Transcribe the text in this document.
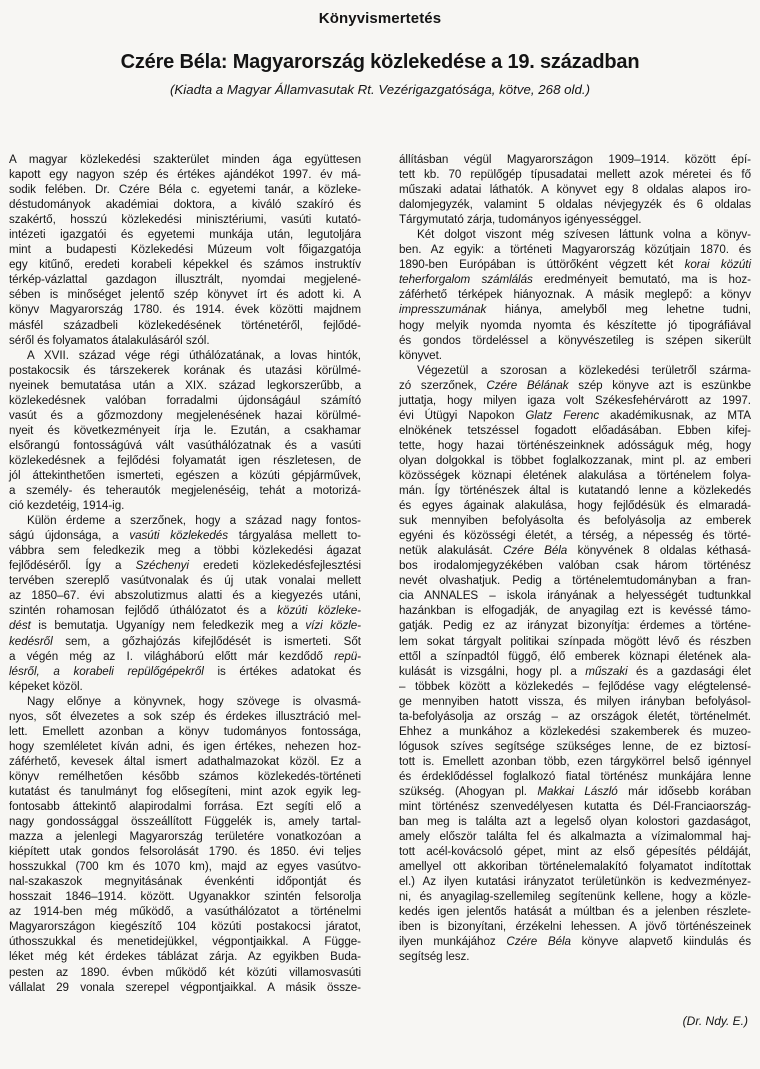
Könyvismertetés
Czére Béla: Magyarország közlekedése a 19. században
(Kiadta a Magyar Államvasutak Rt. Vezérigazgatósága, kötve, 268 old.)
A magyar közlekedési szakterület minden ága együttesen
kapott egy nagyon szép és értékes ajándékot 1997. év má-
sodik felében. Dr. Czére Béla c. egyetemi tanár, a közleke-
déstudományok akadémiai doktora, a kiváló szakíró és
szakértő, hosszú közlekedési minisztériumi, vasúti kutató-
intézeti igazgatói és egyetemi munkája után, legutoljára
mint a budapesti Közlekedési Múzeum volt főigazgatója
egy kitűnő, eredeti korabeli képekkel és számos instruktív
térkép-vázlattal gazdagon illusztrált, nyomdai megjelené-
sében is minőséget jelentő szép könyvet írt és adott ki. A
könyv Magyarország 1780. és 1914. évek közötti majdnem
másfél századbeli közlekedésének történetéről, fejlődé-
séről és folyamatos átalakulásáról szól.
A XVII. század vége régi úthálózatának, a lovas hintók,
postakocsik és társzekerek korának és utazási körülmé-
nyeinek bemutatása után a XIX. század legkorszerűbb, a
közlekedésnek valóban forradalmi újdonságául számító
vasút és a gőzmozdony megjelenésének hazai körülmé-
nyeit és következményeit írja le. Ezután, a csakhamar
elsőrangú fontosságúvá vált vasúthálózatnak és a vasúti
közlekedésnek a fejlődési folyamatát igen részletesen, de
jól áttekinthetően ismerteti, egészen a közúti gépjárművek,
a személy- és teherautók megjelenéséig, tehát a motorizá-
ció kezdetéig, 1914-ig.
Külön érdeme a szerzőnek, hogy a század nagy fontos-
ságú újdonsága, a vasúti közlekedés tárgyalása mellett to-
vábbra sem feledkezik meg a többi közlekedési ágazat
fejlődéséről. Így a Széchenyi eredeti közlekedésfejlesztési
tervében szereplő vasútvonalak és új utak vonalai mellett
az 1850–67. évi abszolutizmus alatti és a kiegyezés utáni,
szintén rohamosan fejlődő úthálózatot és a közúti közleke-
dést is bemutatja. Ugyanígy nem feledkezik meg a vízi közle-
kedésről sem, a gőzhajózás kifejlődését is ismerteti. Sőt
a végén még az I. világháború előtt már kezdődő repü-
lésről, a korabeli repülőgépekről is értékes adatokat és
képeket közöl.
Nagy előnye a könyvnek, hogy szövege is olvasmá-
nyos, sőt élvezetes a sok szép és érdekes illusztráció mel-
lett. Emellett azonban a könyv tudományos fontossága,
hogy szemléletet kíván adni, és igen értékes, nehezen hoz-
záférhető, kevesek által ismert adathalmazokat közöl. Ez a
könyv remélhetően később számos közlekedés-történeti
kutatást és tanulmányt fog elősegíteni, mint azok egyik leg-
fontosabb áttekintő alapirodalmi forrása. Ezt segíti elő a
nagy gondossággal összeállított Függelék is, amely tartal-
mazza a jelenlegi Magyarország területére vonatkozóan a
kiépített utak gondos felsorolását 1790. és 1850. évi teljes
hosszukkal (700 km és 1070 km), majd az egyes vasútvo-
nal-szakaszok megnyitásának évenkénti időpontját és
hosszait 1846–1914. között. Ugyanakkor szintén felsorolja
az 1914-ben még működő, a vasúthálózatot a történelmi
Magyarországon kiegészítő 104 közúti postakocsi járatot,
úthosszukkal és menetidejükkel, végpontjaikkal. A Függe-
léket még két érdekes táblázat zárja. Az egyikben Buda-
pesten az 1890. évben működő két közúti villamosvasúti
vállalat 29 vonala szerepel végpontjaikkal. A másik össze-
állításban végül Magyarországon 1909–1914. között épí-
tett kb. 70 repülőgép típusadatai mellett azok méretei és fő
műszaki adatai láthatók. A könyvet egy 8 oldalas alapos iro-
dalomjegyzék, valamint 5 oldalas névjegyzék és 6 oldalas
Tárgymutató zárja, tudományos igényességgel.
Két dolgot viszont még szívesen láttunk volna a könyv-
ben. Az egyik: a történeti Magyarország közútjain 1870. és
1890-ben Európában is úttörőként végzett két korai közúti
teherforgalom számlálás eredményeit bemutató, ma is hoz-
záférhető térképek hiányoznak. A másik meglepő: a könyv
impresszumának hiánya, amelyből meg lehetne tudni,
hogy melyik nyomda nyomta és készítette jó tipográfiával
és gondos tördeléssel a könyvészetileg is szépen sikerült
könyvet.
Végezetül a szorosan a közlekedési területről szárma-
zó szerzőnek, Czére Bélának szép könyve azt is eszünkbe
juttatja, hogy milyen igaza volt Székesfehérvárott az 1997.
évi Útügyi Napokon Glatz Ferenc akadémikusnak, az MTA
elnökének tetszéssel fogadott előadásában. Ebben kifej-
tette, hogy hazai történészeinknek adósságuk még, hogy
olyan dolgokkal is többet foglalkozzanak, mint pl. az emberi
közösségek köznapi életének alakulása a történelem folya-
mán. Így történészek által is kutatandó lenne a közlekedés
és egyes ágainak alakulása, hogy fejlődésük és elmaradá-
suk mennyiben befolyásolta és befolyásolja az emberek
egyéni és közösségi életét, a térség, a népesség és törté-
netük alakulását. Czére Béla könyvének 8 oldalas kéthasá-
bos irodalomjegyzékében valóban csak három történész
nevét olvashatjuk. Pedig a történelemtudományban a fran-
cia ANNALES – iskola irányának a helyességét tudtunkkal
hazánkban is elfogadják, de anyagilag ezt is kevéssé támo-
gatják. Pedig ez az irányzat bizonyítja: érdemes a történe-
lem sokat tárgyalt politikai színpada mögött lévő és részben
ettől a színpadtól függő, élő emberek köznapi életének ala-
kulását is vizsgálni, hogy pl. a műszaki és a gazdasági élet
– többek között a közlekedés – fejlődése vagy elégtelensé-
ge mennyiben hatott vissza, és milyen irányban befolyásol-
ta-befolyásolja az ország – az országok életét, történelmét.
Ehhez a munkához a közlekedési szakemberek és muzeo-
lógusok szíves segítsége szükséges lenne, de ez biztosí-
tott is. Emellett azonban több, ezen tárgykörrel belső igénnyel
és érdeklődéssel foglalkozó fiatal történész munkájára lenne
szükség. (Ahogyan pl. Makkai László már idősebb korában
mint történész szenvedélyesen kutatta és Dél-Franciaország-
ban meg is találta azt a legelső olyan kolostori gazdaságot,
amely először találta fel és alkalmazta a vízimalommal haj-
tott acél-kovácsoló gépet, mint az első gépesítés példáját,
amellyel ott akkoriban történelemalakító folyamatot indítottak
el.) Az ilyen kutatási irányzatot területünkön is kedvezményez-
ni, és anyagilag-szellemileg segítenünk kellene, hogy a közle-
kedés igen jelentős hatását a múltban és a jelenben részlete-
iben is bizonyítani, érzékelni lehessen. A jövő történészeinek
ilyen munkájához Czére Béla könyve alapvető kiindulás és
segítség lesz.
(Dr. Ndy. E.)
